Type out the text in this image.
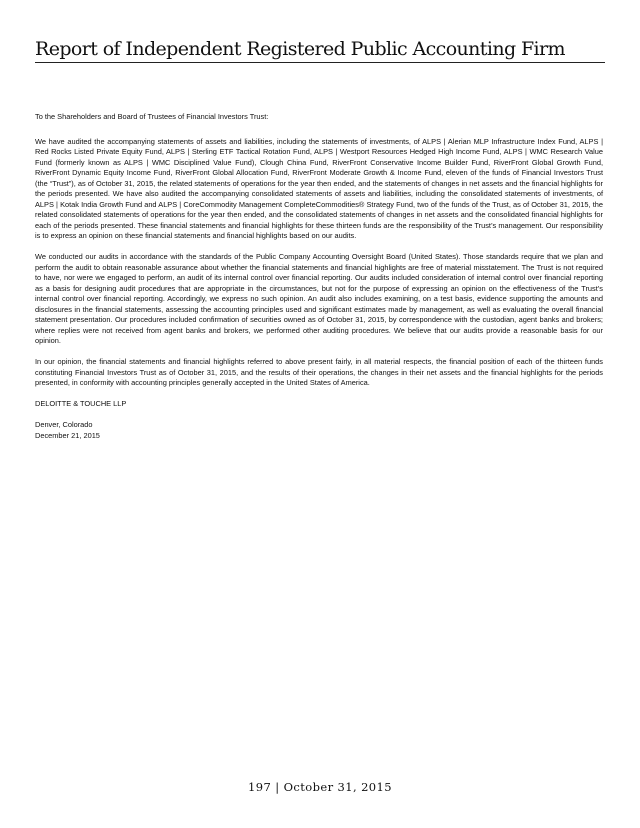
Report of Independent Registered Public Accounting Firm

To the Shareholders and Board of Trustees of Financial Investors Trust:

We have audited the accompanying statements of assets and liabilities, including the statements of investments, of ALPS | Alerian MLP Infrastructure Index Fund, ALPS | Red Rocks Listed Private Equity Fund, ALPS | Sterling ETF Tactical Rotation Fund, ALPS | Westport Resources Hedged High Income Fund, ALPS | WMC Research Value Fund (formerly known as ALPS | WMC Disciplined Value Fund), Clough China Fund, RiverFront Conservative Income Builder Fund, RiverFront Global Growth Fund, RiverFront Dynamic Equity Income Fund, RiverFront Global Allocation Fund, RiverFront Moderate Growth & Income Fund, eleven of the funds of Financial Investors Trust (the “Trust”), as of October 31, 2015, the related statements of operations for the year then ended, and the statements of changes in net assets and the financial highlights for the periods presented. We have also audited the accompanying consolidated statements of assets and liabilities, including the consolidated statements of investments, of ALPS | Kotak India Growth Fund and ALPS | CoreCommodity Management CompleteCommodities® Strategy Fund, two of the funds of the Trust, as of October 31, 2015, the related consolidated statements of operations for the year then ended, and the consolidated statements of changes in net assets and the consolidated financial highlights for each of the periods presented. These financial statements and financial highlights for these thirteen funds are the responsibility of the Trust’s management. Our responsibility is to express an opinion on these financial statements and financial highlights based on our audits.

We conducted our audits in accordance with the standards of the Public Company Accounting Oversight Board (United States). Those standards require that we plan and perform the audit to obtain reasonable assurance about whether the financial statements and financial highlights are free of material misstatement. The Trust is not required to have, nor were we engaged to perform, an audit of its internal control over financial reporting. Our audits included consideration of internal control over financial reporting as a basis for designing audit procedures that are appropriate in the circumstances, but not for the purpose of expressing an opinion on the effectiveness of the Trust’s internal control over financial reporting. Accordingly, we express no such opinion. An audit also includes examining, on a test basis, evidence supporting the amounts and disclosures in the financial statements, assessing the accounting principles used and significant estimates made by management, as well as evaluating the overall financial statement presentation. Our procedures included confirmation of securities owned as of October 31, 2015, by correspondence with the custodian, agent banks and brokers; where replies were not received from agent banks and brokers, we performed other auditing procedures. We believe that our audits provide a reasonable basis for our opinion.

In our opinion, the financial statements and financial highlights referred to above present fairly, in all material respects, the financial position of each of the thirteen funds constituting Financial Investors Trust as of October 31, 2015, and the results of their operations, the changes in their net assets and the financial highlights for the periods presented, in conformity with accounting principles generally accepted in the United States of America.

DELOITTE & TOUCHE LLP

Denver, Colorado
December 21, 2015

197 | October 31, 2015
